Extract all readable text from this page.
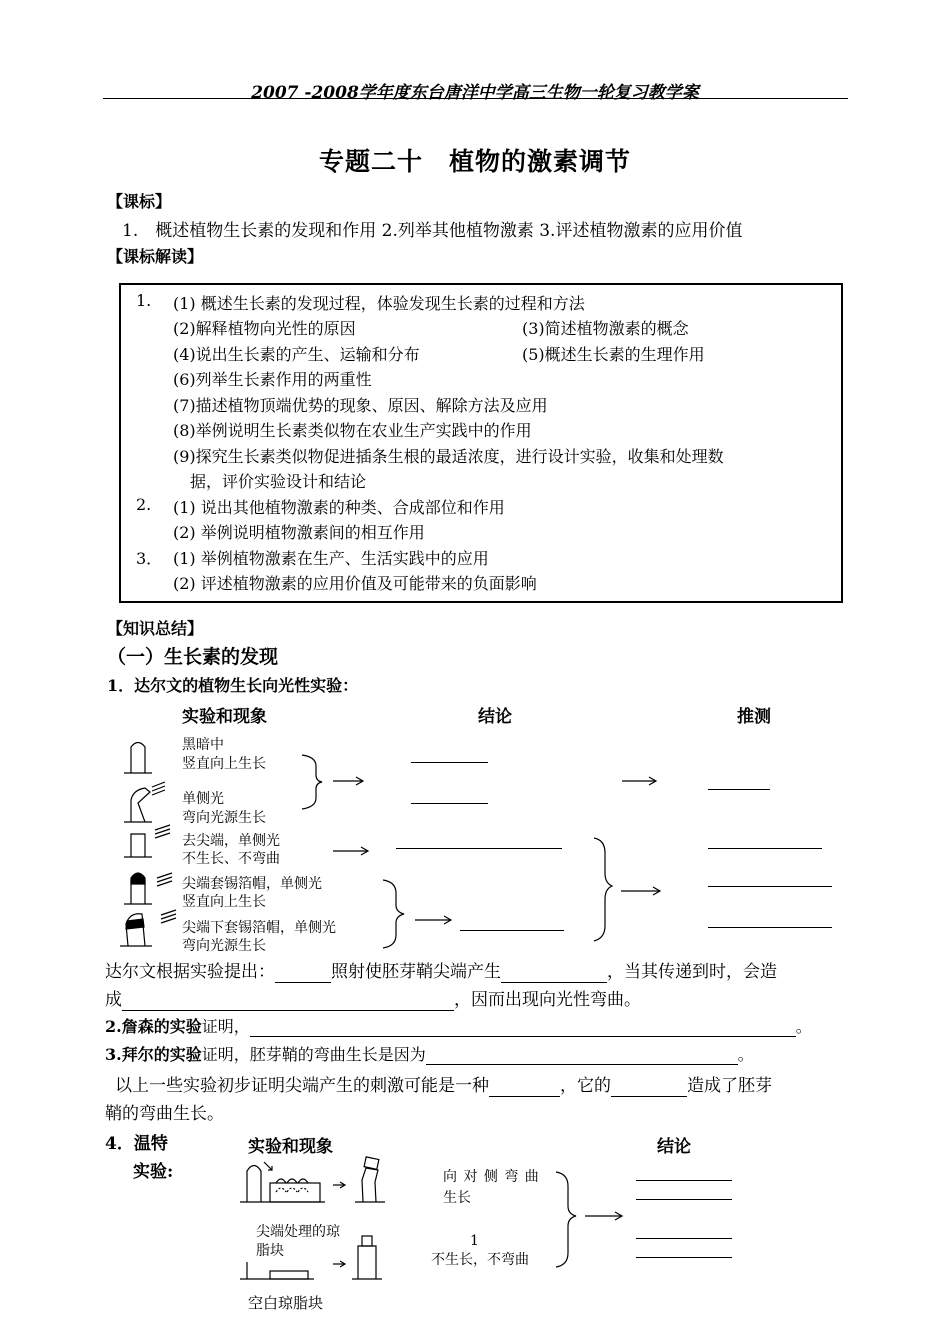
2007 -2008学年度东台唐洋中学高三生物一轮复习教学案
专题二十　植物的激素调节
【课标】
1.　概述植物生长素的发现和作用 2.列举其他植物激素 3.评述植物激素的应用价值
【课标解读】
1. (1) 概述生长素的发现过程，体验发现生长素的过程和方法
(2)解释植物向光性的原因	(3)简述植物激素的概念
(4)说出生长素的产生、运输和分布	(5)概述生长素的生理作用
(6)列举生长素作用的两重性
(7)描述植物顶端优势的现象、原因、解除方法及应用
(8)举例说明生长素类似物在农业生产实践中的作用
(9)探究生长素类似物促进插条生根的最适浓度，进行设计实验，收集和处理数
据，评价实验设计和结论
2. (1) 说出其他植物激素的种类、合成部位和作用
(2) 举例说明植物激素间的相互作用
3． (1) 举例植物激素在生产、生活实践中的应用
(2) 评述植物激素的应用价值及可能带来的负面影响
【知识总结】
（一）生长素的发现
1．达尔文的植物生长向光性实验：
实验和现象	结论	推测
黑暗中
竖直向上生长
单侧光
弯向光源生长
去尖端，单侧光
不生长、不弯曲
尖端套锡箔帽，单侧光
竖直向上生长
尖端下套锡箔帽，单侧光
弯向光源生长
达尔文根据实验提出：	照射使胚芽鞘尖端产生	，当其传递到时，会造
成	，因而出现向光性弯曲。
2.詹森的实验证明，	。
3.拜尔的实验证明，胚芽鞘的弯曲生长是因为	。
以上一些实验初步证明尖端产生的刺激可能是一种	，它的	造成了胚芽
鞘的弯曲生长。
4．温特
实验:
实验和现象	结论
向 对 侧 弯 曲
生长
尖端处理的琼
脂块
1
不生长，不弯曲
空白琼脂块
